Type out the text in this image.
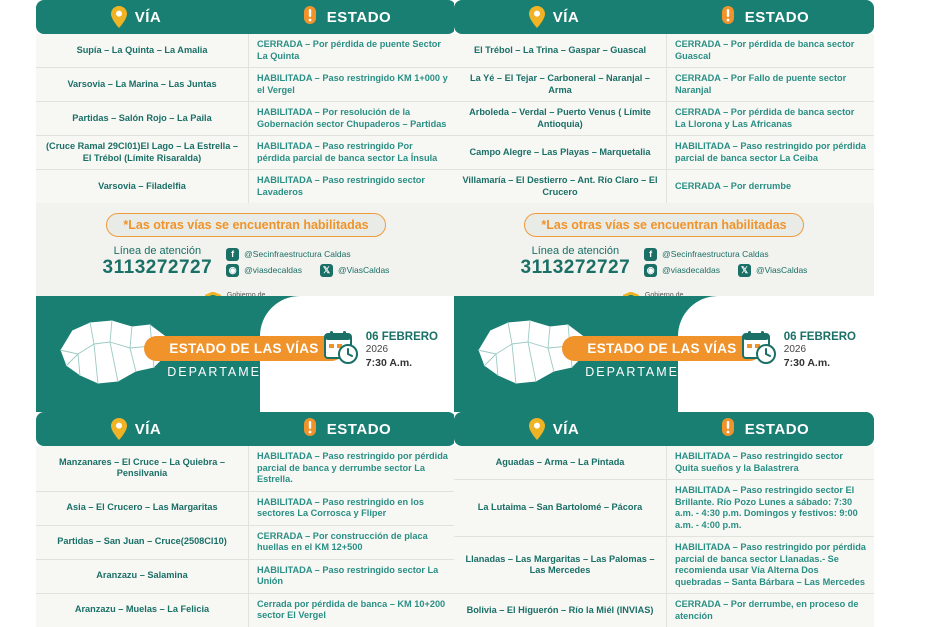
VÍA	ESTADO
Supía – La Quinta – La Amalia	CERRADA – Por pérdida de puente Sector La Quinta
Varsovia – La Marina – Las Juntas	HABILITADA – Paso restringido KM 1+000 y el Vergel
Partidas – Salón Rojo – La Paila	HABILITADA – Por resolución de la Gobernación sector Chupaderos – Partidas
(Cruce Ramal 29Cl01)El Lago – La Estrella – El Trébol (Límite Risaralda)	HABILITADA – Paso restringido Por pérdida parcial de banca sector La Ínsula
Varsovia – Filadelfia	HABILITADA – Paso restringido sector Lavaderos
*Las otras vías se encuentran habilitadas
Línea de atención
3113272727
f	@Secinfraestructura Caldas
◉ @viasdecaldas	𝕏 @ViasCaldas

VÍA	ESTADO
El Trébol – La Trina – Gaspar – Guascal	CERRADA – Por pérdida de banca sector Guascal
La Yé – El Tejar – Carboneral – Naranjal – Arma	CERRADA – Por Fallo de puente sector Naranjal
Arboleda – Verdal – Puerto Venus ( Límite Antioquia)	CERRADA – Por pérdida de banca sector La Llorona y Las Africanas
Campo Alegre – Las Playas – Marquetalia	HABILITADA – Paso restringido por pérdida parcial de banca sector La Ceiba
Villamaría – El Destierro – Ant. Río Claro – El Crucero	CERRADA – Por derrumbe
*Las otras vías se encuentran habilitadas
Línea de atención
3113272727
f	@Secinfraestructura Caldas
◉ @viasdecaldas	𝕏 @ViasCaldas

ESTADO DE LAS VÍAS
DEPARTAMENTALES
06 FEBRERO
2026
7:30 A.m.
ESTADO DE LAS VÍAS
DEPARTAMENTALES
06 FEBRERO
2026
7:30 A.m.
VÍA	ESTADO
Manzanares – El Cruce – La Quiebra – Pensilvania	HABILITADA – Paso restringido por pérdida parcial de banca y derrumbe sector La Estrella.
Asia – El Crucero – Las Margaritas	HABILITADA – Paso restringido en los sectores La Corrosca y Fliper
Partidas – San Juan – Cruce(2508Cl10)	CERRADA – Por construcción de placa huellas en el KM 12+500
Aranzazu – Salamina	HABILITADA – Paso restringido sector La Unión
Aranzazu – Muelas – La Felicia	Cerrada por pérdida de banca – KM 10+200 sector El Vergel
VÍA	ESTADO
Aguadas – Arma – La Pintada	HABILITADA – Paso restringido sector Quita sueños y la Balastrera
La Lutaima – San Bartolomé – Pácora	HABILITADA – Paso restringido sector El Brillante. Río Pozo Lunes a sábado: 7:30 a.m. - 4:30 p.m. Domingos y festivos: 9:00 a.m. - 4:00 p.m.
Llanadas – Las Margaritas – Las Palomas – Las Mercedes	HABILITADA – Paso restringido por pérdida parcial de banca sector Llanadas.- Se recomienda usar Vía Alterna Dos quebradas – Santa Bárbara – Las Mercedes
Bolivia – El Higuerón – Río la Miél (INVIAS)	CERRADA – Por derrumbe, en proceso de atención
